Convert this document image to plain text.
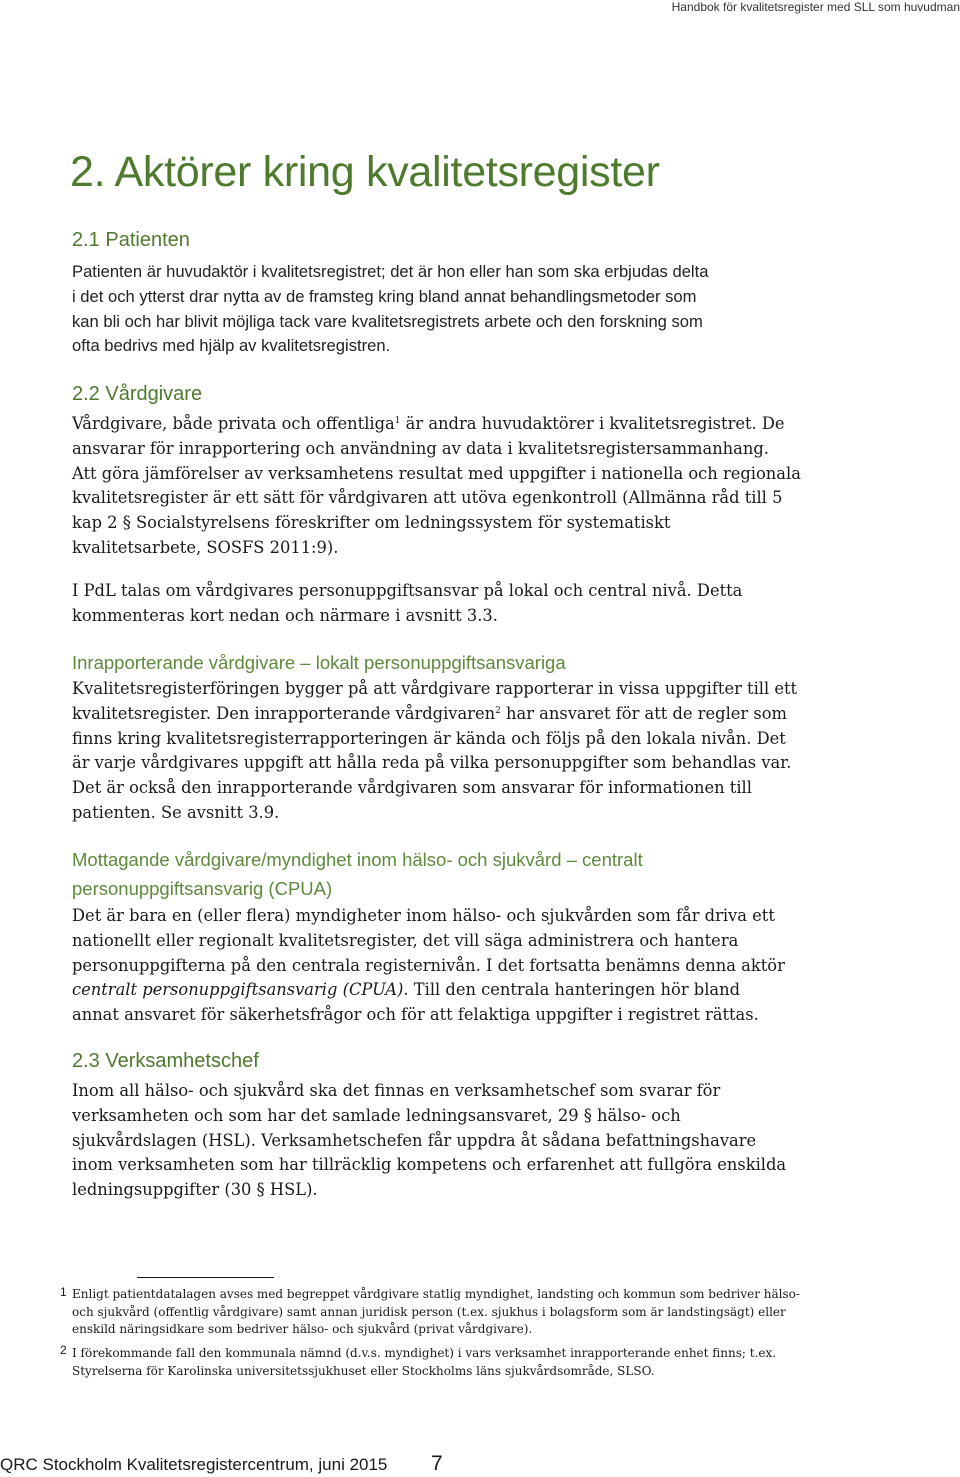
Handbok för kvalitetsregister med SLL som huvudman
2. Aktörer kring kvalitetsregister
2.1 Patienten
Patienten är huvudaktör i kvalitetsregistret; det är hon eller han som ska erbjudas delta
i det och ytterst drar nytta av de framsteg kring bland annat behandlingsmetoder som
kan bli och har blivit möjliga tack vare kvalitetsregistrets arbete och den forskning som
ofta bedrivs med hjälp av kvalitetsregistren.
2.2 Vårdgivare
Vårdgivare, både privata och offentliga$^1$ är andra huvudaktörer i kvalitetsregistret. De
ansvarar för inrapportering och användning av data i kvalitetsregistersammanhang.
Att göra jämförelser av verksamhetens resultat med uppgifter i nationella och regionala
kvalitetsregister är ett sätt för vårdgivaren att utöva egenkontroll (Allmänna råd till 5
kap 2 § Socialstyrelsens föreskrifter om ledningssystem för systematiskt
kvalitetsarbete, SOSFS 2011:9).
I PdL talas om vårdgivares personuppgiftsansvar på lokal och central nivå. Detta
kommenteras kort nedan och närmare i avsnitt 3.3.
Inrapporterande vårdgivare – lokalt personuppgiftsansvariga
Kvalitetsregisterföringen bygger på att vårdgivare rapporterar in vissa uppgifter till ett
kvalitetsregister. Den inrapporterande vårdgivaren$^2$ har ansvaret för att de regler som
finns kring kvalitetsregisterrapporteringen är kända och följs på den lokala nivån. Det
är varje vårdgivares uppgift att hålla reda på vilka personuppgifter som behandlas var.
Det är också den inrapporterande vårdgivaren som ansvarar för informationen till
patienten. Se avsnitt 3.9.
Mottagande vårdgivare/myndighet inom hälso- och sjukvård – centralt
personuppgiftsansvarig (CPUA)
Det är bara en (eller flera) myndigheter inom hälso- och sjukvården som får driva ett
nationellt eller regionalt kvalitetsregister, det vill säga administrera och hantera
personuppgifterna på den centrala registernivån. I det fortsatta benämns denna aktör
centralt personuppgiftsansvarig (CPUA). Till den centrala hanteringen hör bland
annat ansvaret för säkerhetsfrågor och för att felaktiga uppgifter i registret rättas.
2.3 Verksamhetschef
Inom all hälso- och sjukvård ska det finnas en verksamhetschef som svarar för
verksamheten och som har det samlade ledningsansvaret, 29 § hälso- och
sjukvårdslagen (HSL). Verksamhetschefen får uppdra åt sådana befattningshavare
inom verksamheten som har tillräcklig kompetens och erfarenhet att fullgöra enskilda
ledningsuppgifter (30 § HSL).
1 Enligt patientdatalagen avses med begreppet vårdgivare statlig myndighet, landsting och kommun som bedriver hälso-
och sjukvård (offentlig vårdgivare) samt annan juridisk person (t.ex. sjukhus i bolagsform som är landstingsägt) eller
enskild näringsidkare som bedriver hälso- och sjukvård (privat vårdgivare).
2 I förekommande fall den kommunala nämnd (d.v.s. myndighet) i vars verksamhet inrapporterande enhet finns; t.ex.
Styrelserna för Karolinska universitetssjukhuset eller Stockholms läns sjukvårdsområde, SLSO.
QRC Stockholm Kvalitetsregistercentrum, juni 2015 7
